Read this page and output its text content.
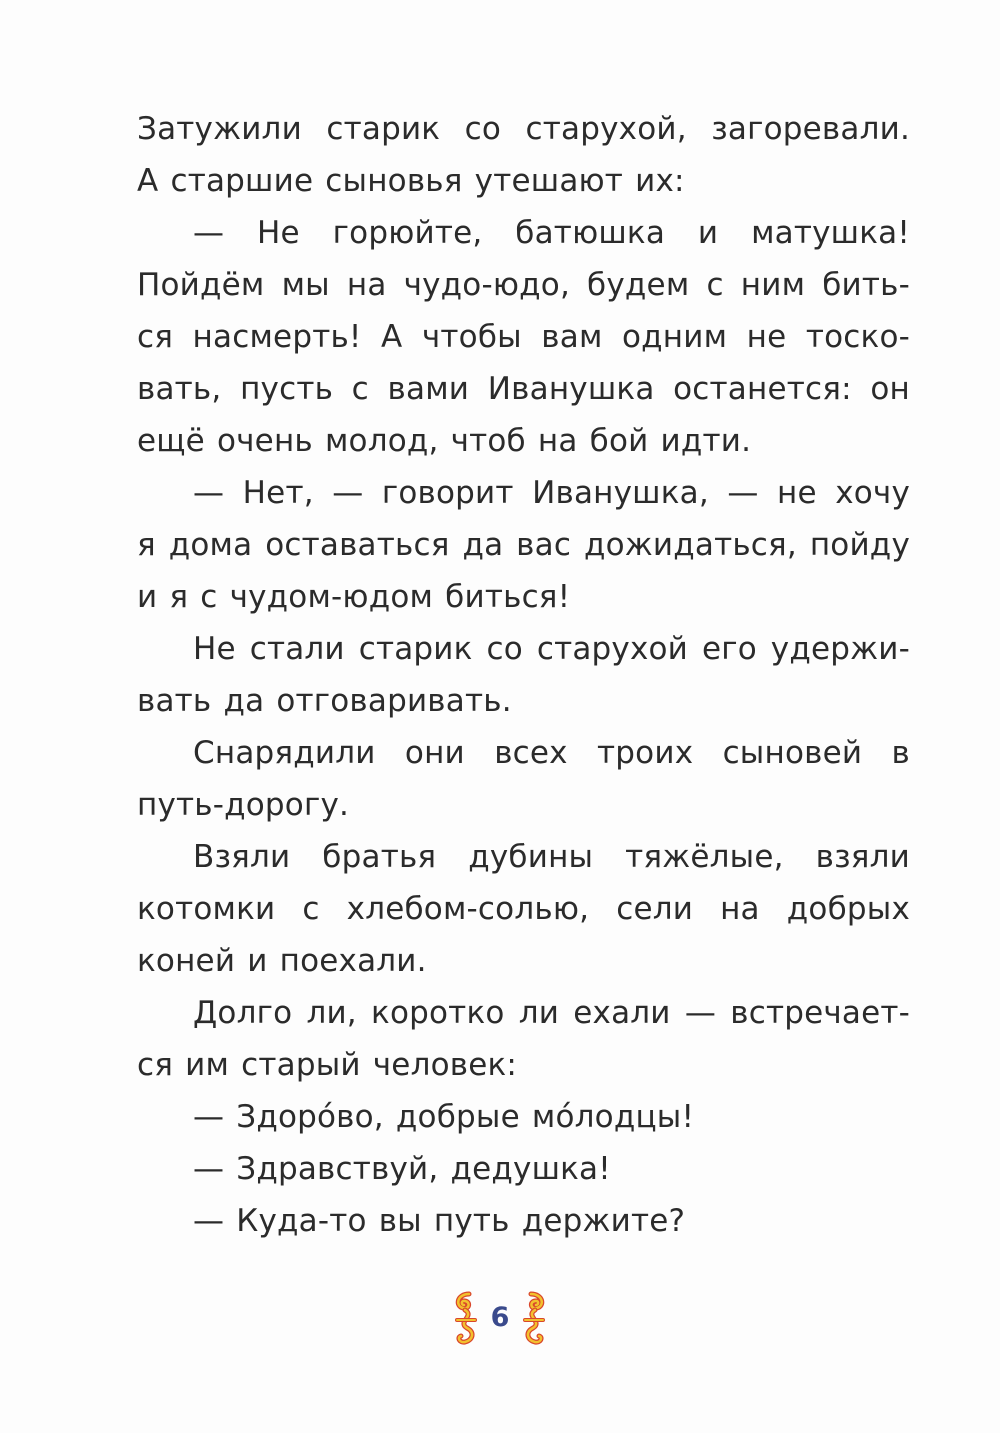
Затужили старик со старухой, загоревали.
А старшие сыновья утешают их:
— Не горюйте, батюшка и матушка!
Пойдём мы на чудо-юдо, будем с ним бить-
ся насмерть! А чтобы вам одним не тоско-
вать, пусть с вами Иванушка останется: он
ещё очень молод, чтоб на бой идти.
— Нет, — говорит Иванушка, — не хочу
я дома оставаться да вас дожидаться, пойду
и я с чудом-юдом биться!
Не стали старик со старухой его удержи-
вать да отговаривать.
Снарядили они всех троих сыновей в
путь-дорогу.
Взяли братья дубины тяжёлые, взяли
котомки с хлебом-солью, сели на добрых
коней и поехали.
Долго ли, коротко ли ехали — встречает-
ся им старый человек:
— Здоро́во, добрые мо́лодцы!
— Здравствуй, дедушка!
— Куда-то вы путь держите?
6
